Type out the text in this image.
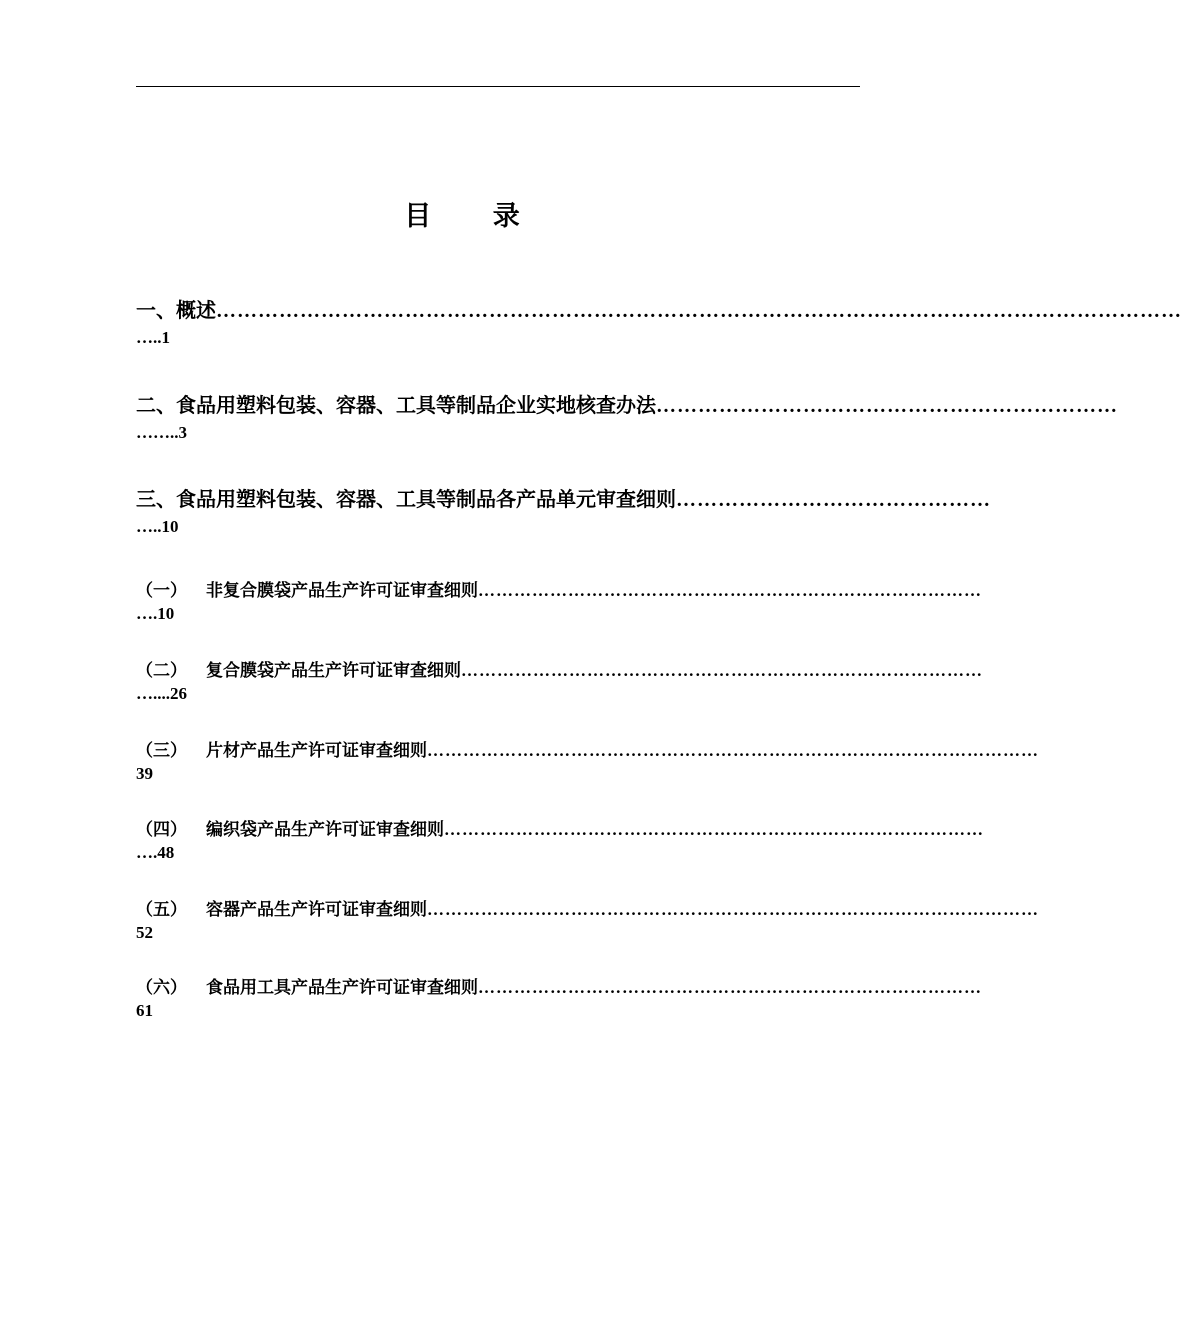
目 录
一、概述 …………………………………………………………………………………………………………………………
…..1
二、食品用塑料包装、容器、工具等制品企业实地核查办法 …………………………………………………………
……..3
三、食品用塑料包装、容器、工具等制品各产品单元审查细则 ………………………………………
…..10
（一） 非复合膜袋产品生产许可证审查细则 …………………………………………………………………………
….10
（二） 复合膜袋产品生产许可证审查细则 ……………………………………………………………………………
…....26
（三） 片材产品生产许可证审查细则 …………………………………………………………………………………………
39
（四） 编织袋产品生产许可证审查细则 ………………………………………………………………………………
….48
（五） 容器产品生产许可证审查细则 …………………………………………………………………………………………
52
（六） 食品用工具产品生产许可证审查细则 …………………………………………………………………………
61
